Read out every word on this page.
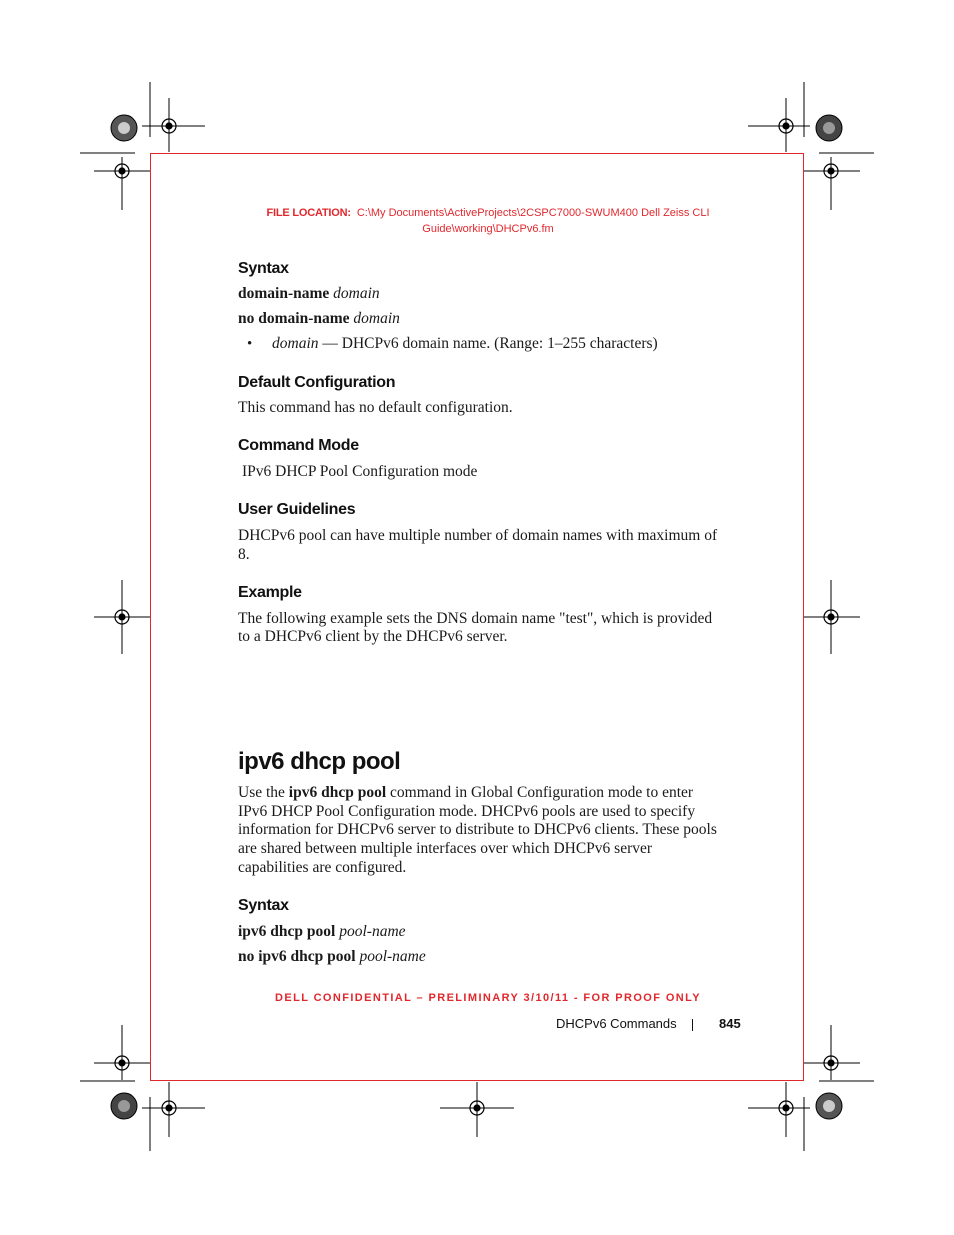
FILE LOCATION: C:\My Documents\ActiveProjects\2CSPC7000-SWUM400 Dell Zeiss CLI
Guide\working\DHCPv6.fm
Syntax
domain-name domain
no domain-name domain
• domain — DHCPv6 domain name. (Range: 1–255 characters)
Default Configuration
This command has no default configuration.
Command Mode
IPv6 DHCP Pool Configuration mode
User Guidelines
DHCPv6 pool can have multiple number of domain names with maximum of
8.
Example
The following example sets the DNS domain name "test", which is provided
to a DHCPv6 client by the DHCPv6 server.
ipv6 dhcp pool
Use the ipv6 dhcp pool command in Global Configuration mode to enter
IPv6 DHCP Pool Configuration mode. DHCPv6 pools are used to specify
information for DHCPv6 server to distribute to DHCPv6 clients. These pools
are shared between multiple interfaces over which DHCPv6 server
capabilities are configured.
Syntax
ipv6 dhcp pool pool-name
no ipv6 dhcp pool pool-name
DELL CONFIDENTIAL – PRELIMINARY 3/10/11 - FOR PROOF ONLY
DHCPv6 Commands	845
